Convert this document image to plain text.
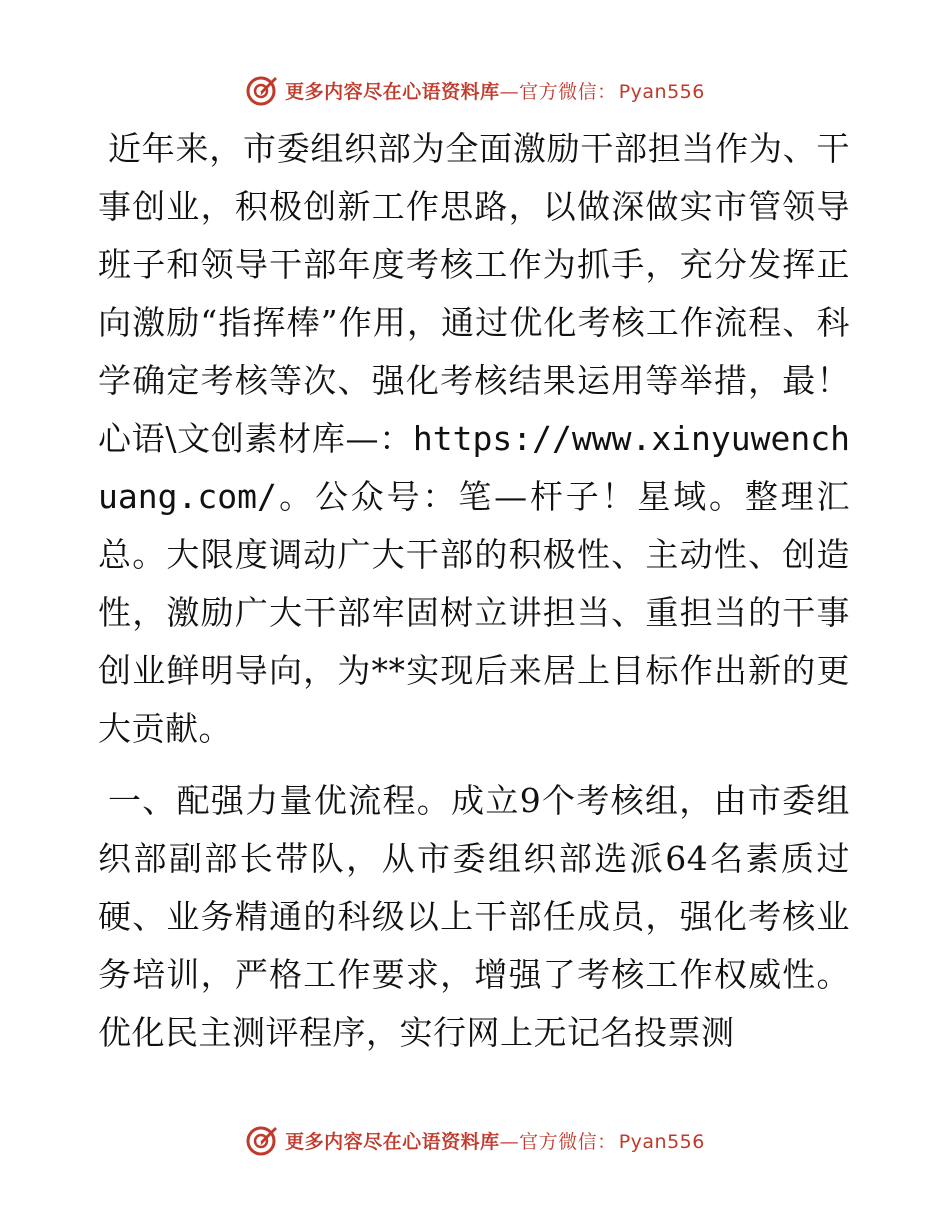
更多内容尽在心语资料库—官方微信： Pyan556

近年来，市委组织部为全面激励干部担当作为、干事创业，积极创新工作思路，以做深做实市管领导班子和领导干部年度考核工作为抓手，充分发挥正向激励“指挥棒”作用，通过优化考核工作流程、科学确定考核等次、强化考核结果运用等举措，最！心语\文创素材库—：https://www.xinyuwenchuang.com/。公众号：笔—杆子！星域。整理汇总。大限度调动广大干部的积极性、主动性、创造性，激励广大干部牢固树立讲担当、重担当的干事创业鲜明导向，为**实现后来居上目标作出新的更大贡献。

一、配强力量优流程。成立9个考核组，由市委组织部副部长带队，从市委组织部选派64名素质过硬、业务精通的科级以上干部任成员，强化考核业务培训，严格工作要求，增强了考核工作权威性。优化民主测评程序，实行网上无记名投票测

更多内容尽在心语资料库—官方微信： Pyan556
